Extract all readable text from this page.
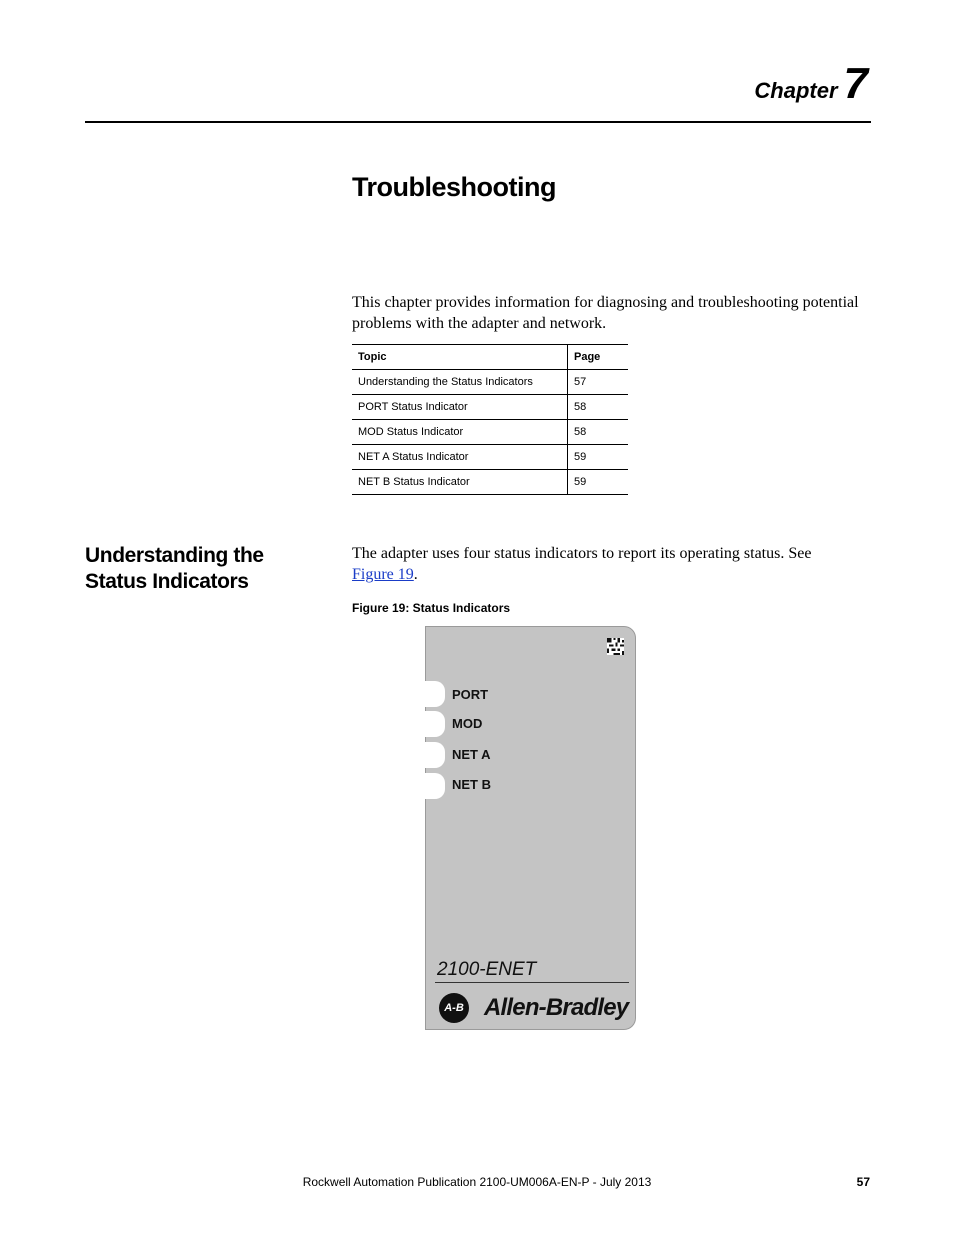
Chapter 7
Troubleshooting

This chapter provides information for diagnosing and troubleshooting potential problems with the adapter and network.

Topic	Page
Understanding the Status Indicators	57
PORT Status Indicator	58
MOD Status Indicator	58
NET A Status Indicator	59
NET B Status Indicator	59
Understanding the Status Indicators

The adapter uses four status indicators to report its operating status. See Figure 19.

Figure 19: Status Indicators

PORT
MOD
NET A
NET B
2100-ENET
A-B Allen-Bradley

Rockwell Automation Publication 2100-UM006A-EN-P - July 2013	57
